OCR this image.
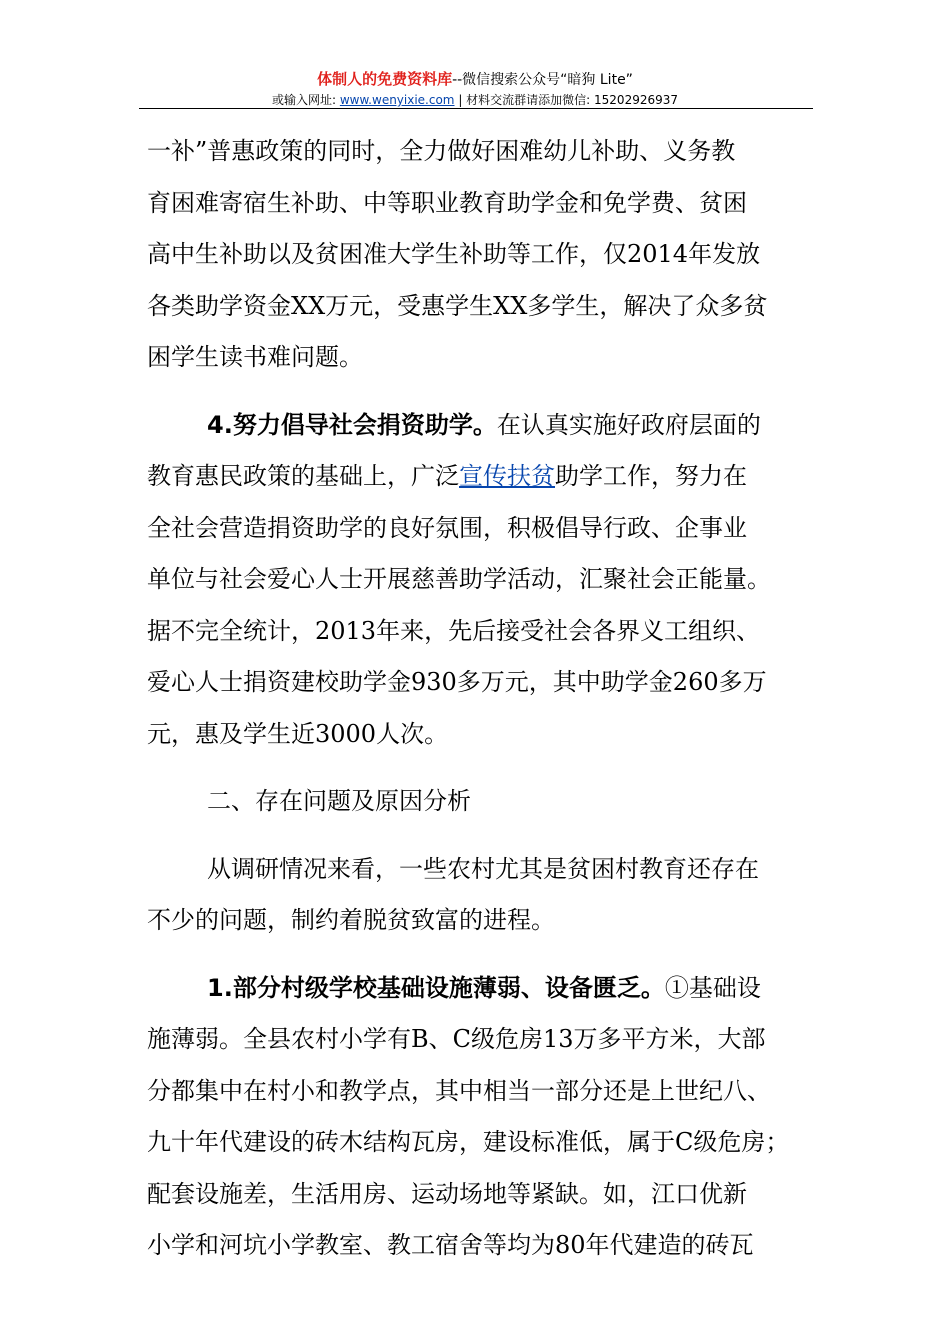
体制人的免费资料库--微信搜索公众号“暗狗 Lite”
或输入网址: www.wenyixie.com | 材料交流群请添加微信: 15202926937
一补”普惠政策的同时，全力做好困难幼儿补助、义务教
育困难寄宿生补助、中等职业教育助学金和免学费、贫困
高中生补助以及贫困准大学生补助等工作，仅2014年发放
各类助学资金XX万元，受惠学生XX多学生，解决了众多贫
困学生读书难问题。
4.努力倡导社会捐资助学。在认真实施好政府层面的
教育惠民政策的基础上，广泛宣传扶贫助学工作，努力在
全社会营造捐资助学的良好氛围，积极倡导行政、企事业
单位与社会爱心人士开展慈善助学活动，汇聚社会正能量。
据不完全统计，2013年来，先后接受社会各界义工组织、
爱心人士捐资建校助学金930多万元，其中助学金260多万
元，惠及学生近3000人次。
二、存在问题及原因分析
从调研情况来看，一些农村尤其是贫困村教育还存在
不少的问题，制约着脱贫致富的进程。
1.部分村级学校基础设施薄弱、设备匮乏。①基础设
施薄弱。全县农村小学有B、C级危房13万多平方米，大部
分都集中在村小和教学点，其中相当一部分还是上世纪八、
九十年代建设的砖木结构瓦房，建设标准低，属于C级危房；
配套设施差，生活用房、运动场地等紧缺。如，江口优新
小学和河坑小学教室、教工宿舍等均为80年代建造的砖瓦
